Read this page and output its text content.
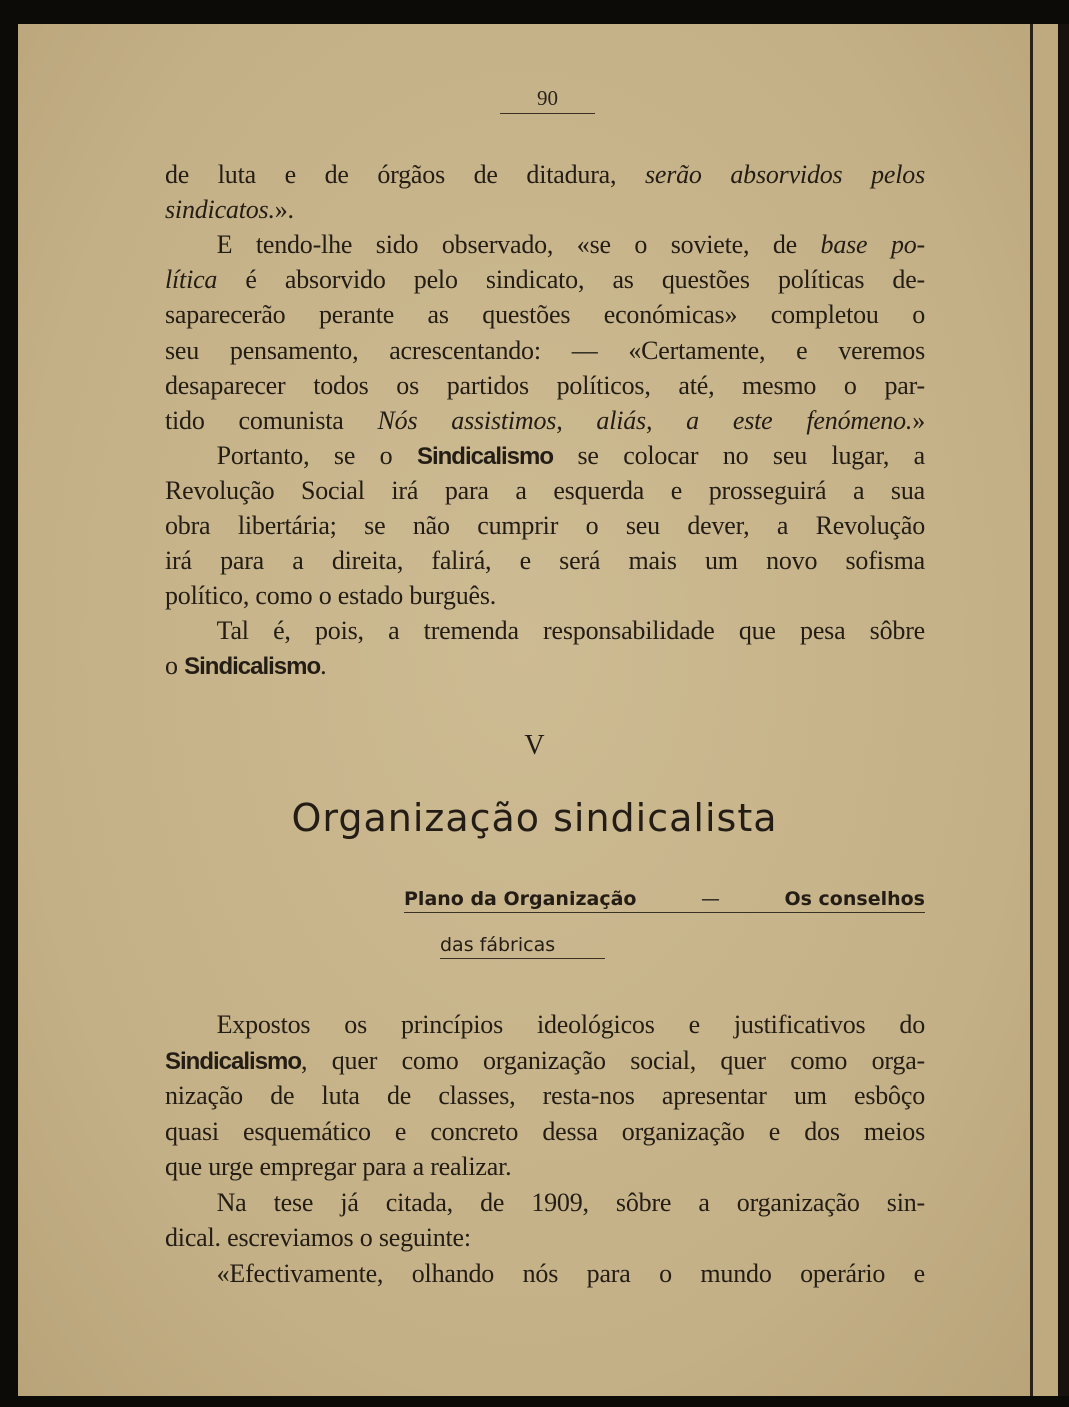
90
de luta e de órgãos de ditadura, serão absorvidos pelos
sindicatos.».
  E tendo-lhe sido observado, «se o soviete, de base po-
lítica é absorvido pelo sindicato, as questões políticas de-
saparecerão perante as questões económicas» completou o
seu pensamento, acrescentando: — «Certamente, e veremos
desaparecer todos os partidos políticos, até, mesmo o par-
tido comunista Nós assistimos, aliás, a este fenómeno.»
  Portanto, se o Sindicalismo se colocar no seu lugar, a
Revolução Social irá para a esquerda e prosseguirá a sua
obra libertária; se não cumprir o seu dever, a Revolução
irá para a direita, falirá, e será mais um novo sofisma
político, como o estado burguês.
  Tal é, pois, a tremenda responsabilidade que pesa sôbre
o Sindicalismo.
V
Organização sindicalista
Plano da Organização	—	Os conselhos
das fábricas
  Expostos os princípios ideológicos e justificativos do
Sindicalismo, quer como organização social, quer como orga-
nização de luta de classes, resta-nos apresentar um esbôço
quasi esquemático e concreto dessa organização e dos meios
que urge empregar para a realizar.
  Na tese já citada, de 1909, sôbre a organização sin-
dical. escreviamos o seguinte:
  «Efectivamente, olhando nós para o mundo operário e
